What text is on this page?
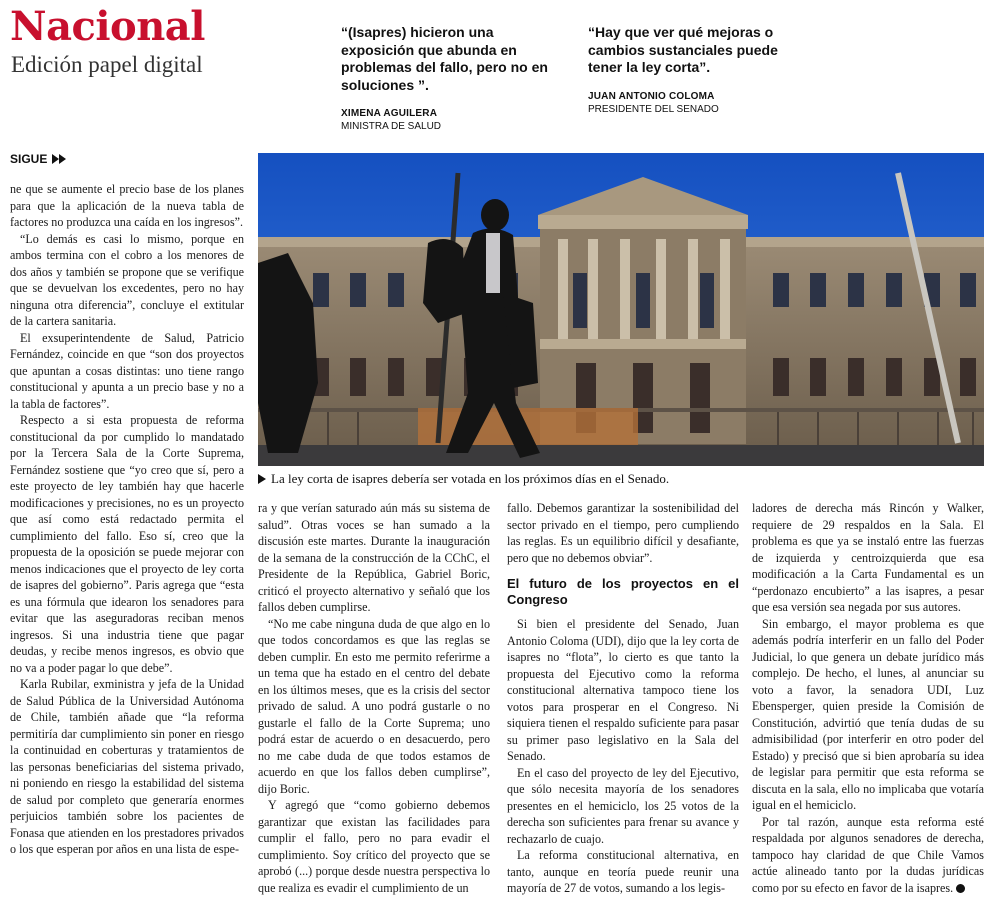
Nacional
Edición papel digital
“(Isapres) hicieron una exposición que abunda en problemas del fallo, pero no en soluciones ”.
XIMENA AGUILERA
MINISTRA DE SALUD
“Hay que ver qué mejoras o cambios sustanciales puede tener la ley corta”.
JUAN ANTONIO COLOMA
PRESIDENTE DEL SENADO
SIGUE
La ley corta de isapres debería ser votada en los próximos días en el Senado.

ne que se aumente el precio base de los planes para que la aplicación de la nueva tabla de factores no produzca una caída en los ingresos”.

“Lo demás es casi lo mismo, porque en ambos termina con el cobro a los menores de dos años y también se propone que se verifique que se devuelvan los excedentes, pero no hay ninguna otra diferencia”, concluye el extitular de la cartera sanitaria.

El exsuperintendente de Salud, Patricio Fernández, coincide en que “son dos proyectos que apuntan a cosas distintas: uno tiene rango constitucional y apunta a un precio base y no a la tabla de factores”.

Respecto a si esta propuesta de reforma constitucional da por cumplido lo mandatado por la Tercera Sala de la Corte Suprema, Fernández sostiene que “yo creo que sí, pero a este proyecto de ley también hay que hacerle modificaciones y precisiones, no es un proyecto que así como está redactado permita el cumplimiento del fallo. Eso sí, creo que la propuesta de la oposición se puede mejorar con menos indicaciones que el proyecto de ley corta de isapres del gobierno”. Paris agrega que “esta es una fórmula que idearon los senadores para evitar que las aseguradoras reciban menos ingresos. Si una industria tiene que pagar deudas, y recibe menos ingresos, es obvio que no va a poder pagar lo que debe”.

Karla Rubilar, exministra y jefa de la Unidad de Salud Pública de la Universidad Autónoma de Chile, también añade que “la reforma permitiría dar cumplimiento sin poner en riesgo la continuidad en coberturas y tratamientos de las personas beneficiarias del sistema privado, ni poniendo en riesgo la estabilidad del sistema de salud por completo que generaría enormes perjuicios también sobre los pacientes de Fonasa que atienden en los prestadores privados o los que esperan por años en una lista de espe-

ra y que verían saturado aún más su sistema de salud”. Otras voces se han sumado a la discusión este martes. Durante la inauguración de la semana de la construcción de la CChC, el Presidente de la República, Gabriel Boric, criticó el proyecto alternativo y señaló que los fallos deben cumplirse.

“No me cabe ninguna duda de que algo en lo que todos concordamos es que las reglas se deben cumplir. En esto me permito referirme a un tema que ha estado en el centro del debate en los últimos meses, que es la crisis del sector privado de salud. A uno podrá gustarle o no gustarle el fallo de la Corte Suprema; uno podrá estar de acuerdo o en desacuerdo, pero no me cabe duda de que todos estamos de acuerdo en que los fallos deben cumplirse”, dijo Boric.

Y agregó que “como gobierno debemos garantizar que existan las facilidades para cumplir el fallo, pero no para evadir el cumplimiento. Soy crítico del proyecto que se aprobó (...) porque desde nuestra perspectiva lo que realiza es evadir el cumplimiento de un

fallo. Debemos garantizar la sostenibilidad del sector privado en el tiempo, pero cumpliendo las reglas. Es un equilibrio difícil y desafiante, pero que no debemos obviar”.

El futuro de los proyectos en el Congreso

Si bien el presidente del Senado, Juan Antonio Coloma (UDI), dijo que la ley corta de isapres no “flota”, lo cierto es que tanto la propuesta del Ejecutivo como la reforma constitucional alternativa tampoco tiene los votos para prosperar en el Congreso. Ni siquiera tienen el respaldo suficiente para pasar su primer paso legislativo en la Sala del Senado.

En el caso del proyecto de ley del Ejecutivo, que sólo necesita mayoría de los senadores presentes en el hemiciclo, los 25 votos de la derecha son suficientes para frenar su avance y rechazarlo de cuajo.

La reforma constitucional alternativa, en tanto, aunque en teoría puede reunir una mayoría de 27 de votos, sumando a los legis-

ladores de derecha más Rincón y Walker, requiere de 29 respaldos en la Sala. El problema es que ya se instaló entre las fuerzas de izquierda y centroizquierda que esa modificación a la Carta Fundamental es un “perdonazo encubierto” a las isapres, a pesar que esa versión sea negada por sus autores.

Sin embargo, el mayor problema es que además podría interferir en un fallo del Poder Judicial, lo que genera un debate jurídico más complejo. De hecho, el lunes, al anunciar su voto a favor, la senadora UDI, Luz Ebensperger, quien preside la Comisión de Constitución, advirtió que tenía dudas de su admisibilidad (por interferir en otro poder del Estado) y precisó que si bien aprobaría su idea de legislar para permitir que esta reforma se discuta en la sala, ello no implicaba que votaría igual en el hemiciclo.

Por tal razón, aunque esta reforma esté respaldada por algunos senadores de derecha, tampoco hay claridad de que Chile Vamos actúe alineado tanto por la dudas jurídicas como por su efecto en favor de la isapres.
